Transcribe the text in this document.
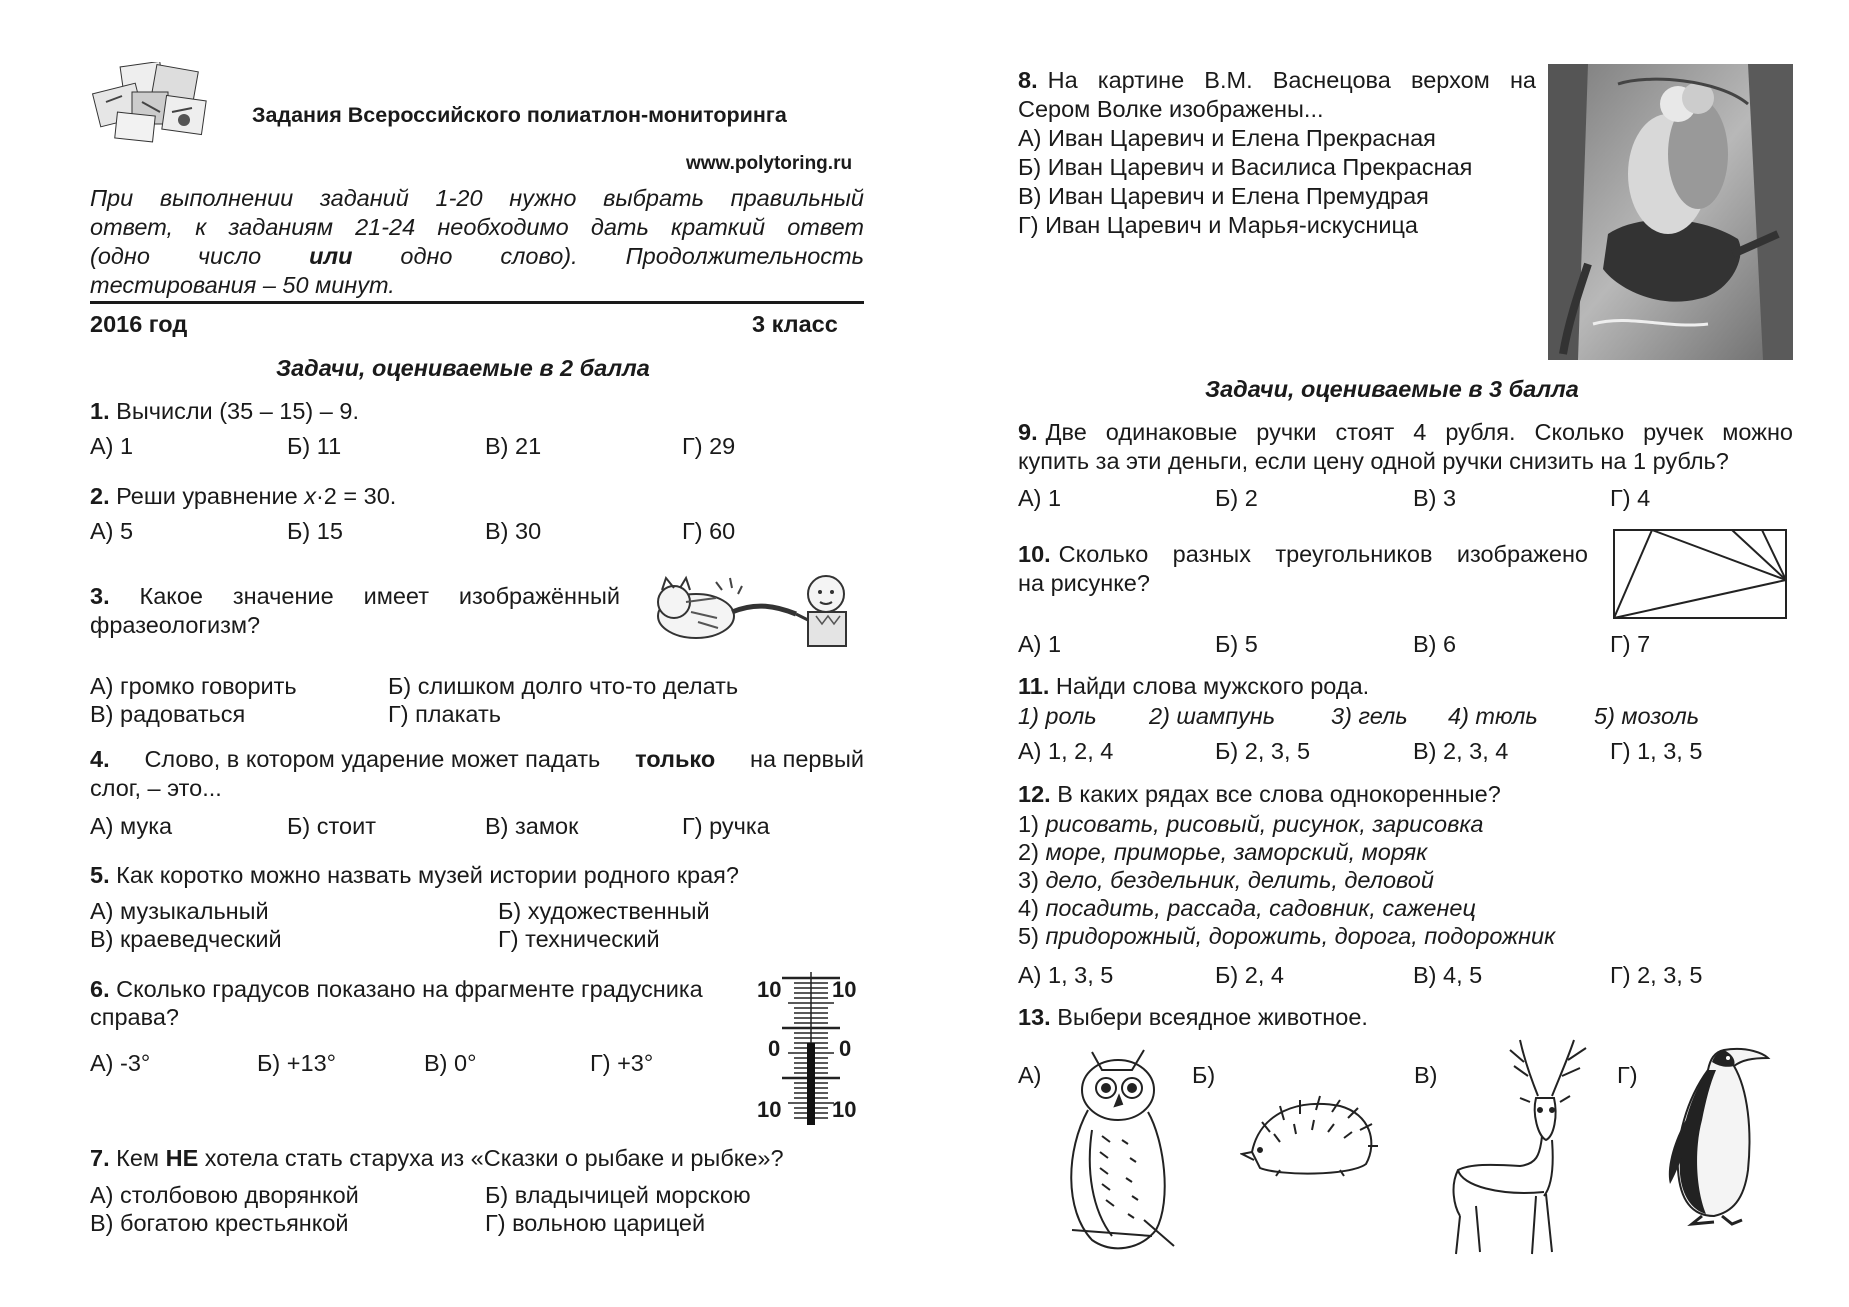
Задания Всероссийского полиатлон-мониторинга
www.polytoring.ru
При выполнении заданий 1-20 нужно выбрать правильный
ответ, к заданиям 21-24 необходимо дать краткий ответ
(одно число или одно слово). Продолжительность
тестирования – 50 минут.
2016 год	3 класс
Задачи, оцениваемые в 2 балла
1. Вычисли (35 – 15) – 9.
А) 1	Б) 11	В) 21	Г) 29
2. Реши уравнение x·2 = 30.
А) 5	Б) 15	В) 30	Г) 60
3. Какое значение имеет изображённый
фразеологизм?
А) громко говорить	Б) слишком долго что-то делать
В) радоваться	Г) плакать
4. Слово, в котором ударение может падать только на первый
слог, – это...
А) мука	Б) стоит	В) замок	Г) ручка
5. Как коротко можно назвать музей истории родного края?
А) музыкальный	Б) художественный
В) краеведческий	Г) технический
6. Сколько градусов показано на фрагменте градусника
справа?
А) -3°	Б) +13°	В) 0°	Г) +3°
10 10
0	0
10 10
7. Кем НЕ хотела стать старуха из «Сказки о рыбаке и рыбке»?
А) столбовою дворянкой	Б) владычицей морскою
В) богатою крестьянкой	Г) вольною царицей
8. На картине В.М. Васнецова верхом на
Сером Волке изображены...
А) Иван Царевич и Елена Прекрасная
Б) Иван Царевич и Василиса Прекрасная
В) Иван Царевич и Елена Премудрая
Г) Иван Царевич и Марья-искусница
Задачи, оцениваемые в 3 балла
9. Две одинаковые ручки стоят 4 рубля. Сколько ручек можно
купить за эти деньги, если цену одной ручки снизить на 1 рубль?
А) 1	Б) 2	В) 3	Г) 4
10. Сколько разных треугольников изображено
на рисунке?
А) 1	Б) 5	В) 6	Г) 7
11. Найди слова мужского рода.
1) роль 2) шампунь 3) гель 4) тюль 5) мозоль
А) 1, 2, 4	Б) 2, 3, 5	В) 2, 3, 4	Г) 1, 3, 5
12. В каких рядах все слова однокоренные?
1) рисовать, рисовый, рисунок, зарисовка
2) море, приморье, заморский, моряк
3) дело, бездельник, делить, деловой
4) посадить, рассада, садовник, саженец
5) придорожный, дорожить, дорога, подорожник
А) 1, 3, 5	Б) 2, 4	В) 4, 5	Г) 2, 3, 5
13. Выбери всеядное животное.
А)	Б)	В)	Г)
